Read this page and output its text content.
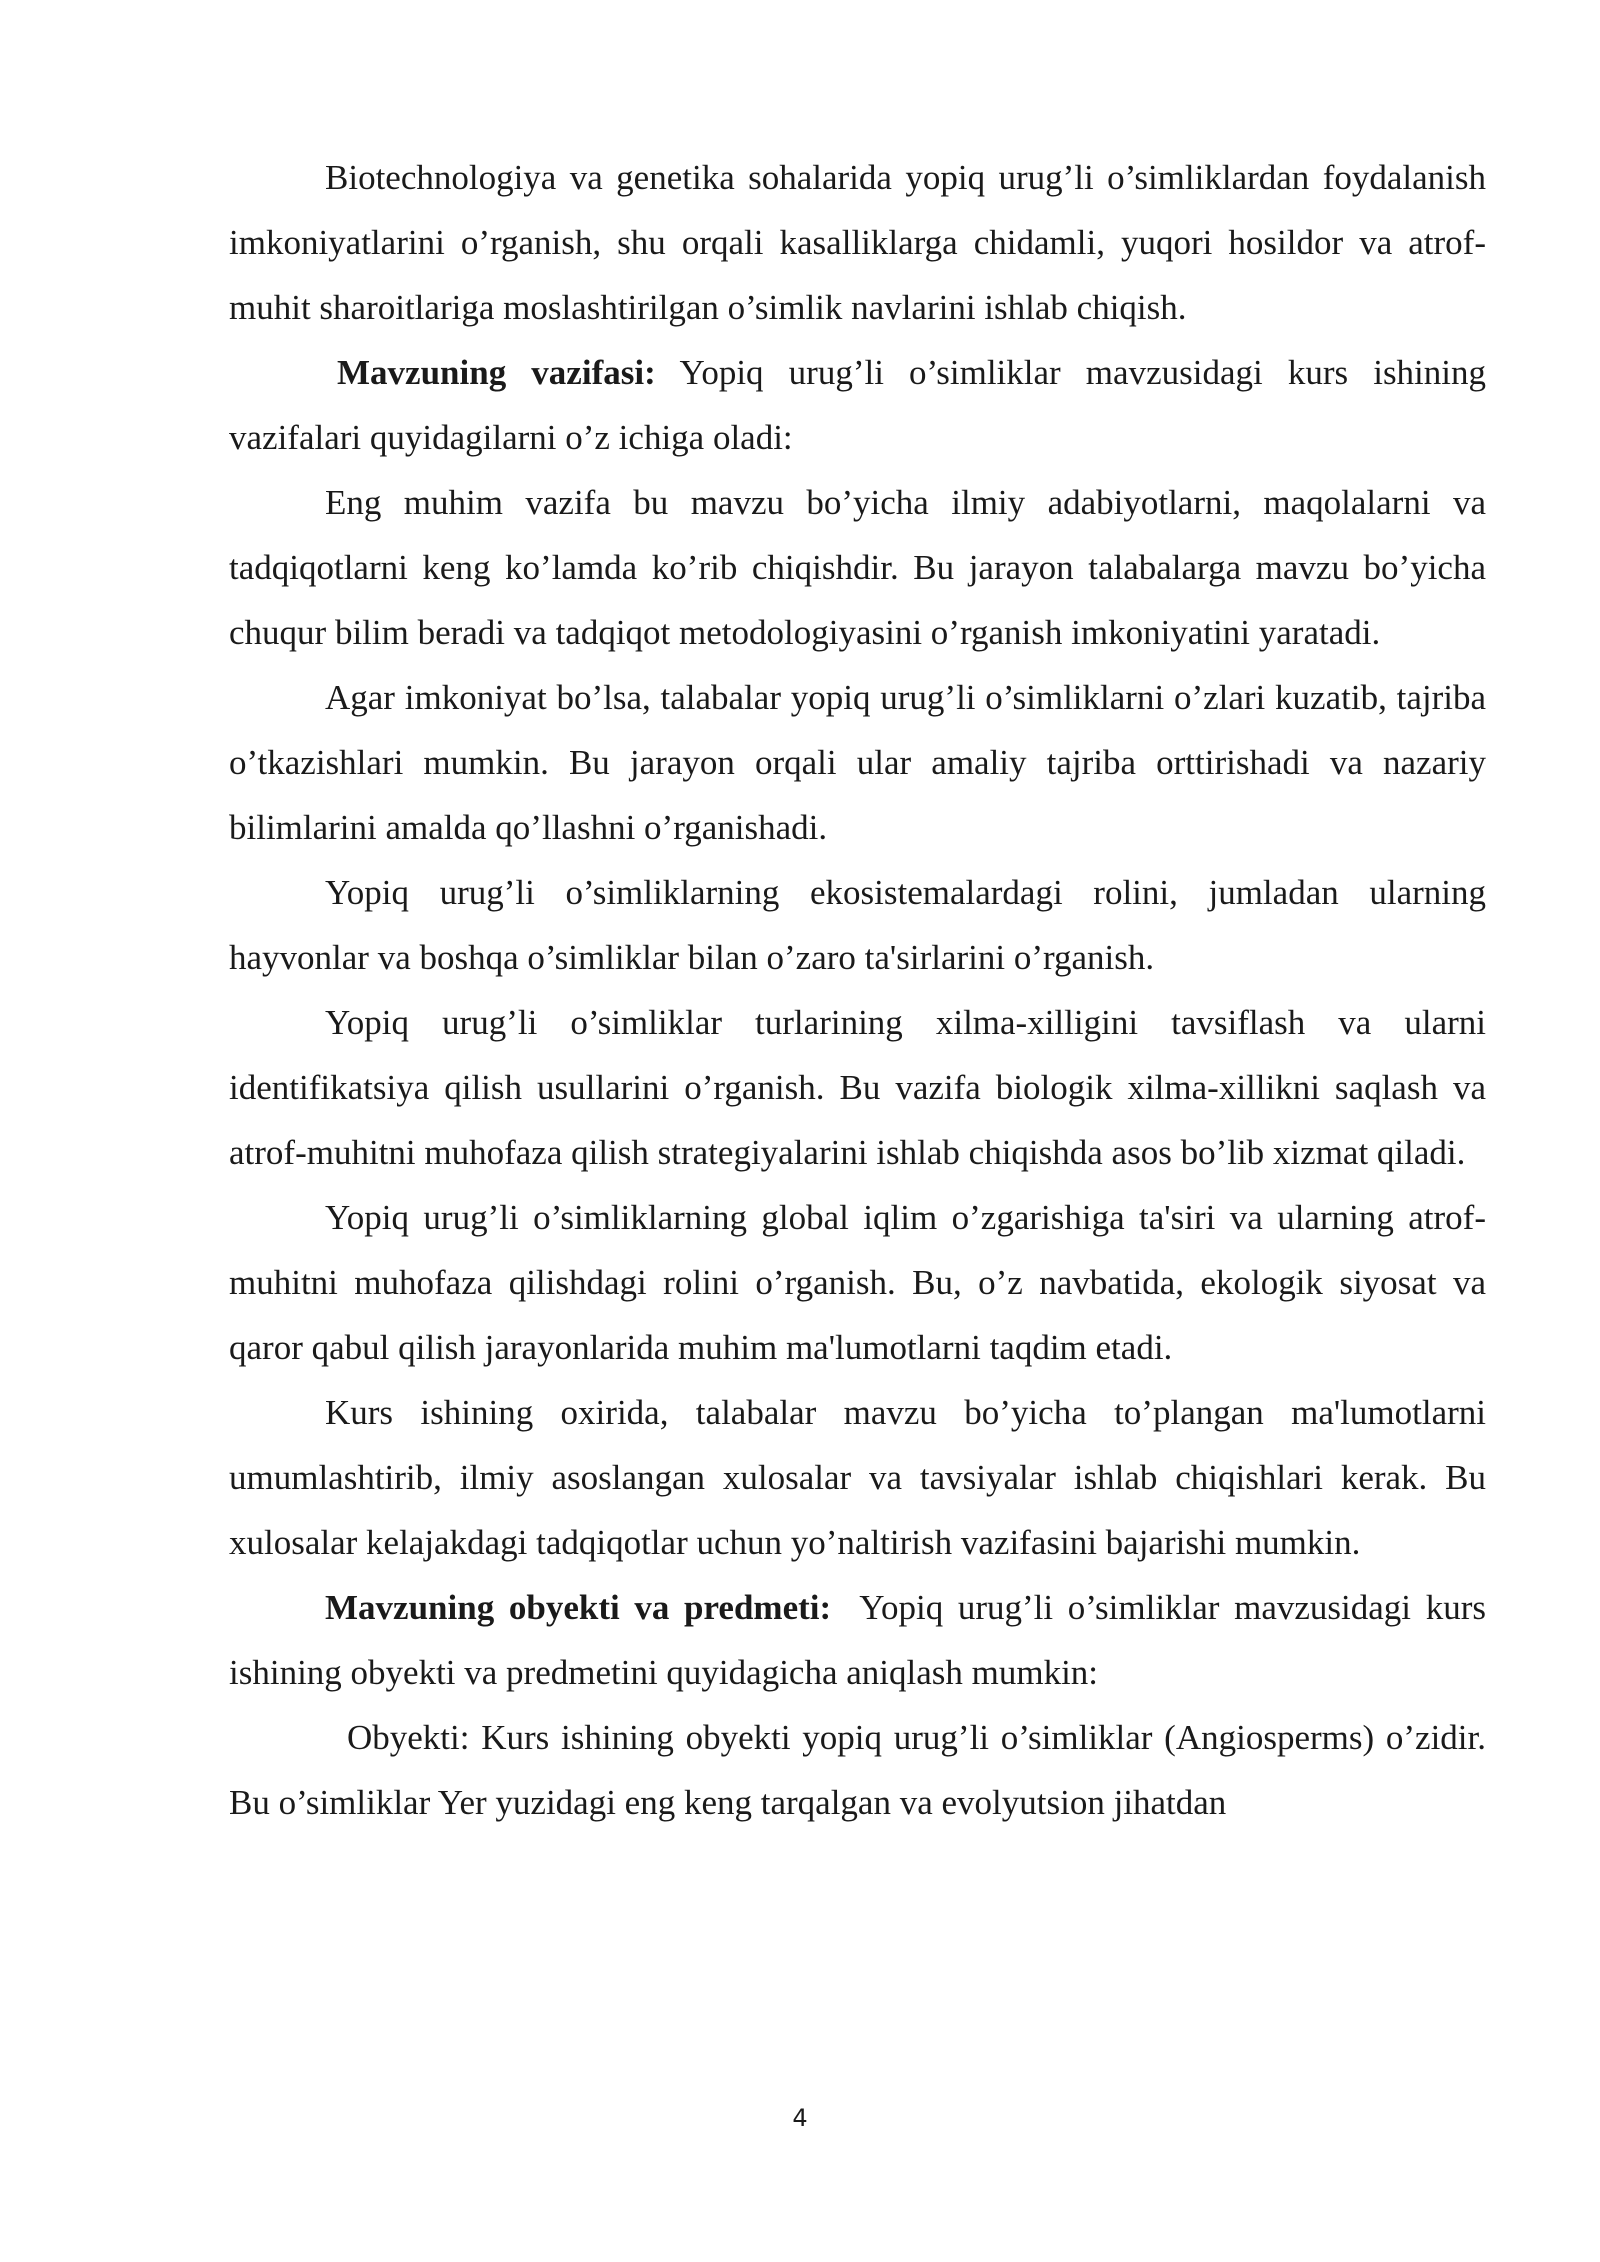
Biotechnologiya va genetika sohalarida yopiq urug’li o’simliklardan foydalanish imkoniyatlarini o’rganish, shu orqali kasalliklarga chidamli, yuqori hosildor va atrof-muhit sharoitlariga moslashtirilgan o’simlik navlarini ishlab chiqish.

Mavzuning vazifasi: Yopiq urug’li o’simliklar mavzusidagi kurs ishining vazifalari quyidagilarni o’z ichiga oladi:

Eng muhim vazifa bu mavzu bo’yicha ilmiy adabiyotlarni, maqolalarni va tadqiqotlarni keng ko’lamda ko’rib chiqishdir. Bu jarayon talabalarga mavzu bo’yicha chuqur bilim beradi va tadqiqot metodologiyasini o’rganish imkoniyatini yaratadi.

Agar imkoniyat bo’lsa, talabalar yopiq urug’li o’simliklarni o’zlari kuzatib, tajriba o’tkazishlari mumkin. Bu jarayon orqali ular amaliy tajriba orttirishadi va nazariy bilimlarini amalda qo’llashni o’rganishadi.

Yopiq urug’li o’simliklarning ekosistemalardagi rolini, jumladan ularning hayvonlar va boshqa o’simliklar bilan o’zaro ta'sirlarini o’rganish.

Yopiq urug’li o’simliklar turlarining xilma-xilligini tavsiflash va ularni identifikatsiya qilish usullarini o’rganish. Bu vazifa biologik xilma-xillikni saqlash va atrof-muhitni muhofaza qilish strategiyalarini ishlab chiqishda asos bo’lib xizmat qiladi.

Yopiq urug’li o’simliklarning global iqlim o’zgarishiga ta'siri va ularning atrof-muhitni muhofaza qilishdagi rolini o’rganish. Bu, o’z navbatida, ekologik siyosat va qaror qabul qilish jarayonlarida muhim ma'lumotlarni taqdim etadi.

Kurs ishining oxirida, talabalar mavzu bo’yicha to’plangan ma'lumotlarni umumlashtirib, ilmiy asoslangan xulosalar va tavsiyalar ishlab chiqishlari kerak. Bu xulosalar kelajakdagi tadqiqotlar uchun yo’naltirish vazifasini bajarishi mumkin.

Mavzuning obyekti va predmeti:  Yopiq urug’li o’simliklar mavzusidagi kurs ishining obyekti va predmetini quyidagicha aniqlash mumkin:

Obyekti: Kurs ishining obyekti yopiq urug’li o’simliklar (Angiosperms) o’zidir. Bu o’simliklar Yer yuzidagi eng keng tarqalgan va evolyutsion jihatdan

4
